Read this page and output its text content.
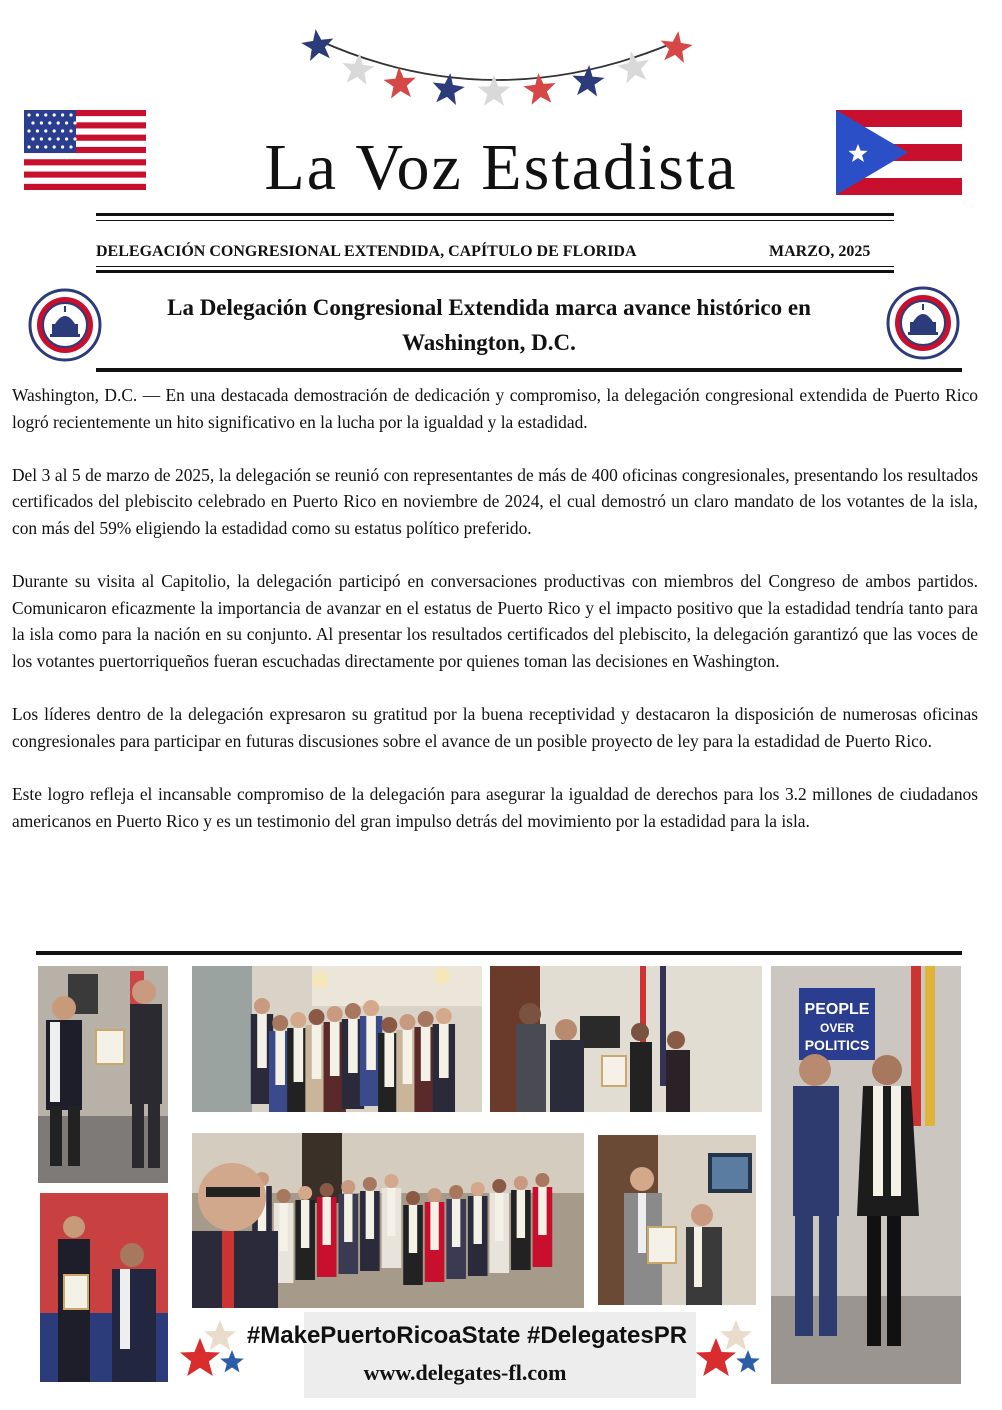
La Voz Estadista
DELEGACIÓN CONGRESIONAL EXTENDIDA, CAPÍTULO DE FLORIDA	MARZO, 2025
La Delegación Congresional Extendida marca avance histórico en
Washington, D.C.

Washington, D.C. — En una destacada demostración de dedicación y compromiso, la delegación congresional extendida de Puerto Rico logró recientemente un hito significativo en la lucha por la igualdad y la estadidad.

Del 3 al 5 de marzo de 2025, la delegación se reunió con representantes de más de 400 oficinas congresionales, presentando los resultados certificados del plebiscito celebrado en Puerto Rico en noviembre de 2024, el cual demostró un claro mandato de los votantes de la isla, con más del 59% eligiendo la estadidad como su estatus político preferido.

Durante su visita al Capitolio, la delegación participó en conversaciones productivas con miembros del Congreso de ambos partidos. Comunicaron eficazmente la importancia de avanzar en el estatus de Puerto Rico y el impacto positivo que la estadidad tendría tanto para la isla como para la nación en su conjunto. Al presentar los resultados certificados del plebiscito, la delegación garantizó que las voces de los votantes puertorriqueños fueran escuchadas directamente por quienes toman las decisiones en Washington.

Los líderes dentro de la delegación expresaron su gratitud por la buena receptividad y destacaron la disposición de numerosas oficinas congresionales para participar en futuras discusiones sobre el avance de un posible proyecto de ley para la estadidad de Puerto Rico.

Este logro refleja el incansable compromiso de la delegación para asegurar la igualdad de derechos para los 3.2 millones de ciudadanos americanos en Puerto Rico y es un testimonio del gran impulso detrás del movimiento por la estadidad para la isla.

PEOPLE
OVER
POLITICS
#MakePuertoRicoaState #DelegatesPR
www.delegates-fl.com
